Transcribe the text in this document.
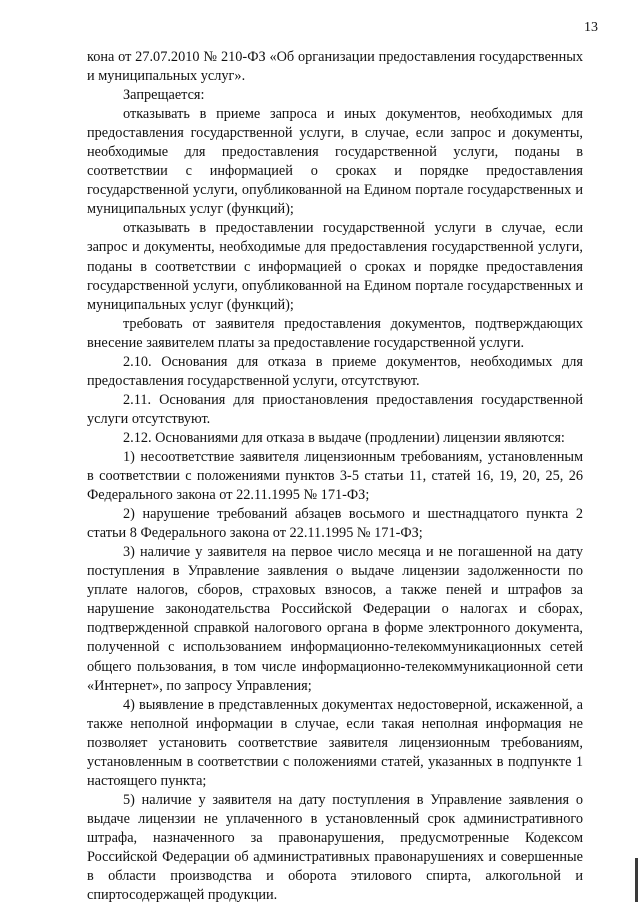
13

кона от 27.07.2010 № 210-ФЗ «Об организации предоставления государственных и муниципальных услуг».

Запрещается:

отказывать в приеме запроса и иных документов, необходимых для предоставления государственной услуги, в случае, если запрос и документы, необходимые для предоставления государственной услуги, поданы в соответствии с информацией о сроках и порядке предоставления государственной услуги, опубликованной на Едином портале государственных и муниципальных услуг (функций);

отказывать в предоставлении государственной услуги в случае, если запрос и документы, необходимые для предоставления государственной услуги, поданы в соответствии с информацией о сроках и порядке предоставления государственной услуги, опубликованной на Едином портале государственных и муниципальных услуг (функций);

требовать от заявителя предоставления документов, подтверждающих внесение заявителем платы за предоставление государственной услуги.

2.10. Основания для отказа в приеме документов, необходимых для предоставления государственной услуги, отсутствуют.

2.11. Основания для приостановления предоставления государственной услуги отсутствуют.

2.12. Основаниями для отказа в выдаче (продлении) лицензии являются:

1) несоответствие заявителя лицензионным требованиям, установленным в соответствии с положениями пунктов 3-5 статьи 11, статей 16, 19, 20, 25, 26 Федерального закона от 22.11.1995 № 171-ФЗ;

2) нарушение требований абзацев восьмого и шестнадцатого пункта 2 статьи 8 Федерального закона от 22.11.1995 № 171-ФЗ;

3) наличие у заявителя на первое число месяца и не погашенной на дату поступления в Управление заявления о выдаче лицензии задолженности по уплате налогов, сборов, страховых взносов, а также пеней и штрафов за нарушение законодательства Российской Федерации о налогах и сборах, подтвержденной справкой налогового органа в форме электронного документа, полученной с использованием информационно-телекоммуникационных сетей общего пользования, в том числе информационно-телекоммуникационной сети «Интернет», по запросу Управления;

4) выявление в представленных документах недостоверной, искаженной, а также неполной информации в случае, если такая неполная информация не позволяет установить соответствие заявителя лицензионным требованиям, установленным в соответствии с положениями статей, указанных в подпункте 1 настоящего пункта;

5) наличие у заявителя на дату поступления в Управление заявления о выдаче лицензии не уплаченного в установленный срок административного штрафа, назначенного за правонарушения, предусмотренные Кодексом Российской Федерации об административных правонарушениях и совершенные в области производства и оборота этилового спирта, алкогольной и спиртосодержащей продукции.
